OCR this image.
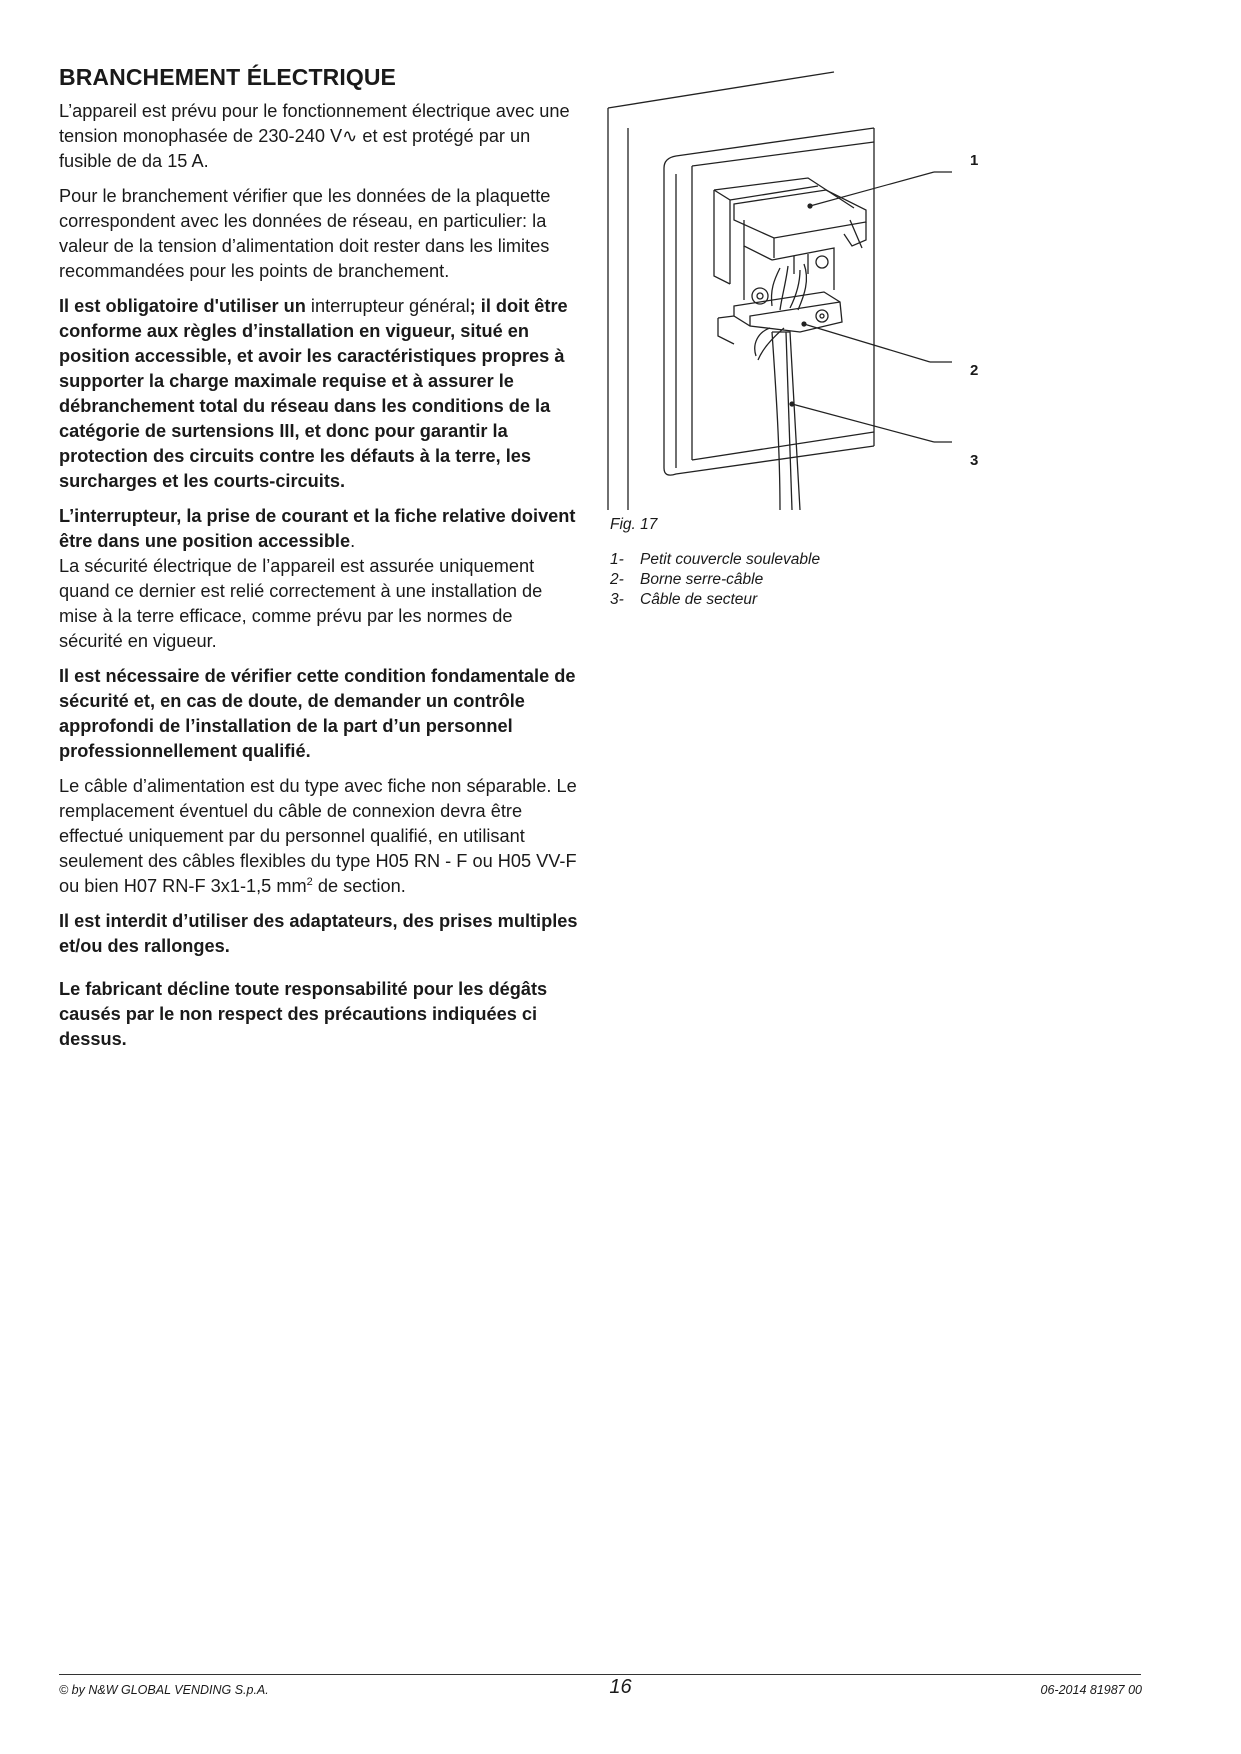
BRANCHEMENT ÉLECTRIQUE

L’appareil est prévu pour le fonctionnement électrique avec une tension monophasée de 230-240 V∿ et est protégé par un fusible de da 15 A.

Pour le branchement vérifier que les données de la plaquette correspondent avec les données de réseau, en particulier: la valeur de la tension d’alimentation doit rester dans les limites recommandées pour les points de branchement.

Il est obligatoire d'utiliser un interrupteur général; il doit être conforme aux règles d’installation en vigueur, situé en position accessible, et avoir les caractéristiques propres à supporter la charge maximale requise et à assurer le débranchement total du réseau dans les conditions de la catégorie de surtensions III, et donc pour garantir la protection des circuits contre les défauts à la terre, les surcharges et les courts-circuits.

L’interrupteur, la prise de courant et la fiche relative doivent être dans une position accessible.

La sécurité électrique de l’appareil est assurée uniquement quand ce dernier est relié correctement à une installation de mise à la terre efficace, comme prévu par les normes de sécurité en vigueur.

Il est nécessaire de vérifier cette condition fondamentale de sécurité et, en cas de doute, de demander un contrôle approfondi de l’installation de la part d’un personnel professionnellement qualifié.

Le câble d’alimentation est du type avec fiche non séparable. Le remplacement éventuel du câble de connexion devra être effectué uniquement par du personnel qualifié, en utilisant seulement des câbles flexibles du type H05 RN - F ou H05 VV-F ou bien H07 RN-F 3x1-1,5 $mm^2$ de section.

Il est interdit d’utiliser des adaptateurs, des prises multiples et/ou des rallonges.

Le fabricant décline toute responsabilité pour les dégâts causés par le non respect des précautions indiquées ci dessus.

1
2
3
Fig. 17
1-	Petit couvercle soulevable
2-	Borne serre-câble
3-	Câble de secteur
© by N&W GLOBAL VENDING S.p.A.	16	06-2014 81987 00
